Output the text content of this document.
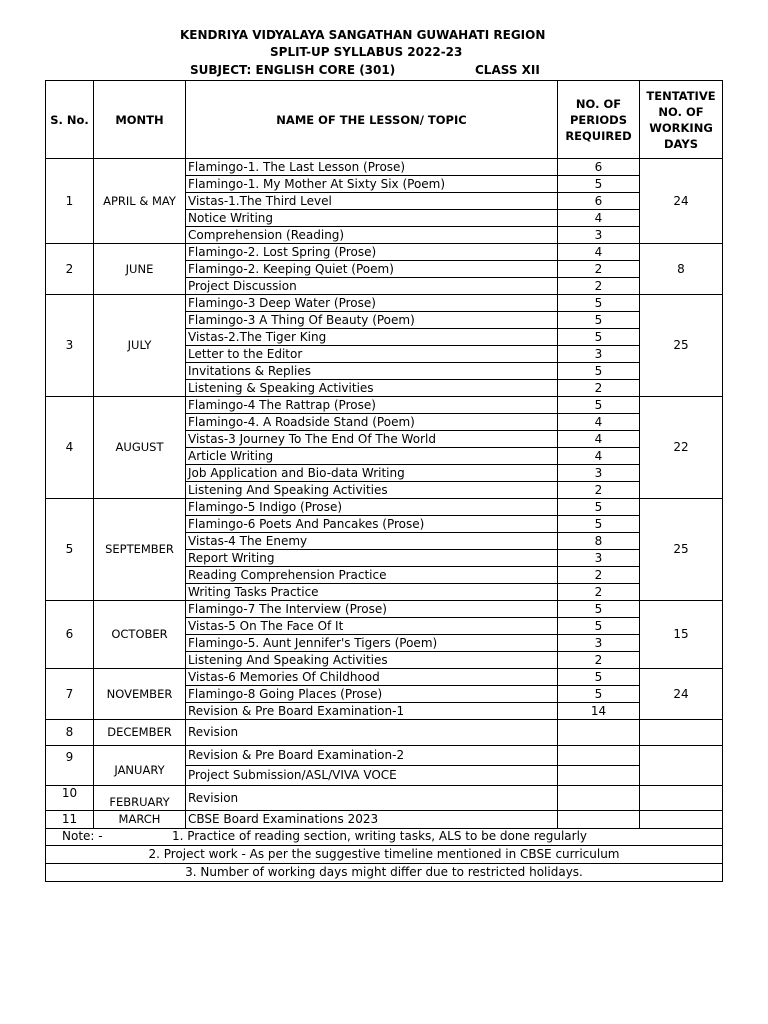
KENDRIYA VIDYALAYA SANGATHAN GUWAHATI REGION
SPLIT-UP SYLLABUS 2022-23
SUBJECT: ENGLISH CORE (301)	CLASS XII
S. No.	MONTH	NAME OF THE LESSON/ TOPIC	NO. OF PERIODS REQUIRED	TENTATIVE NO. OF WORKING DAYS
1	APRIL & MAY	Flamingo-1. The Last Lesson (Prose)	6	24
		Flamingo-1. My Mother At Sixty Six (Poem)	5	
		Vistas-1.The Third Level	6	
		Notice Writing	4	
		Comprehension (Reading)	3	
2	JUNE	Flamingo-2. Lost Spring (Prose)	4	8
		Flamingo-2. Keeping Quiet (Poem)	2	
		Project Discussion	2	
3	JULY	Flamingo-3 Deep Water (Prose)	5	25
		Flamingo-3 A Thing Of Beauty (Poem)	5	
		Vistas-2.The Tiger King	5	
		Letter to the Editor	3	
		Invitations & Replies	5	
		Listening & Speaking Activities	2	
4	AUGUST	Flamingo-4 The Rattrap (Prose)	5	22
		Flamingo-4. A Roadside Stand (Poem)	4	
		Vistas-3 Journey To The End Of The World	4	
		Article Writing	4	
		Job Application and Bio-data Writing	3	
		Listening And Speaking Activities	2	
5	SEPTEMBER	Flamingo-5 Indigo (Prose)	5	25
		Flamingo-6 Poets And Pancakes (Prose)	5	
		Vistas-4 The Enemy	8	
		Report Writing	3	
		Reading Comprehension Practice	2	
		Writing Tasks Practice	2	
6	OCTOBER	Flamingo-7 The Interview (Prose)	5	15
		Vistas-5 On The Face Of It	5	
		Flamingo-5. Aunt Jennifer's Tigers (Poem)	3	
		Listening And Speaking Activities	2	
7	NOVEMBER	Vistas-6 Memories Of Childhood	5	24
		Flamingo-8 Going Places (Prose)	5	
		Revision & Pre Board Examination-1	14	
8	DECEMBER	Revision		
9	JANUARY	Revision & Pre Board Examination-2		
		Project Submission/ASL/VIVA VOCE		
10	FEBRUARY	Revision		
11	MARCH	CBSE Board Examinations 2023		

Note: - 1. Practice of reading section, writing tasks, ALS to be done regularly				

2. Project work - As per the suggestive timeline mentioned in CBSE curriculum				
3. Number of working days might differ due to restricted holidays.				
